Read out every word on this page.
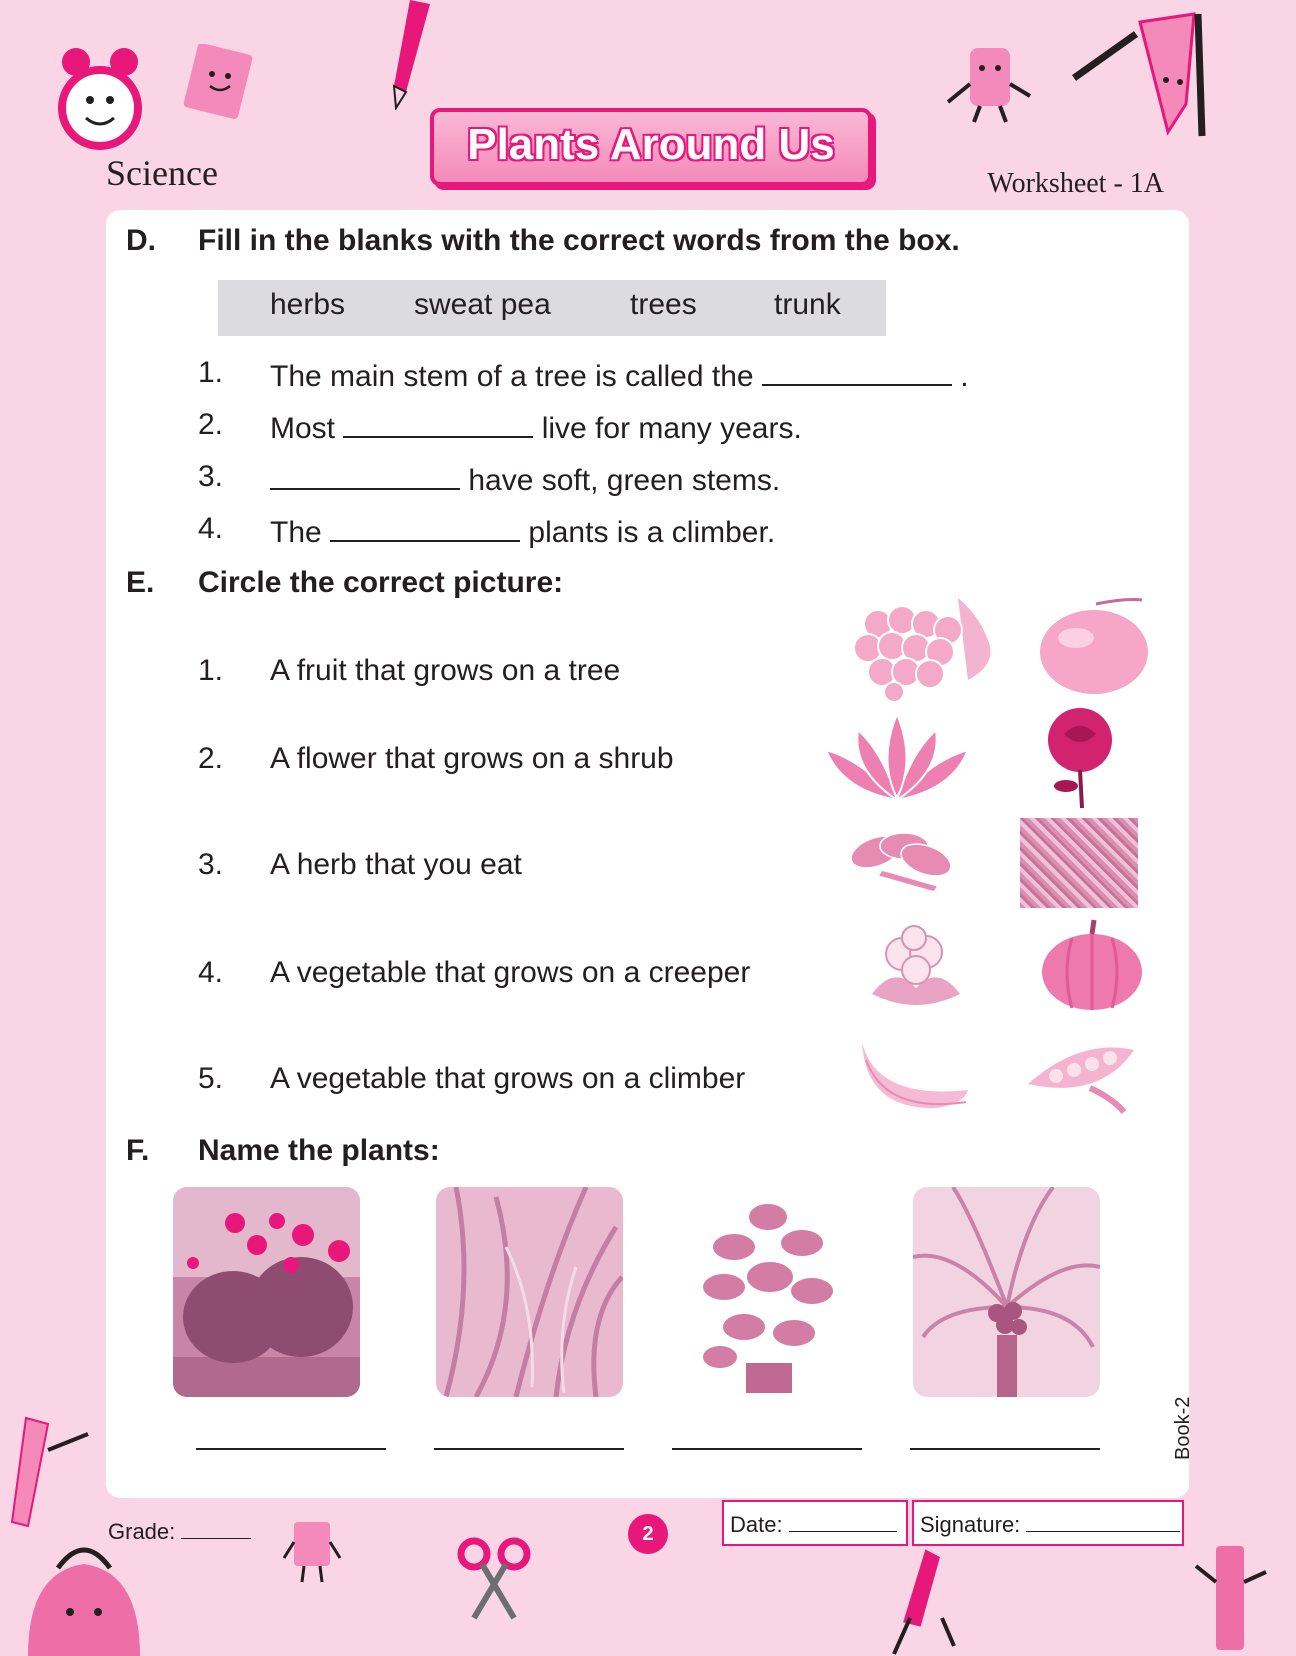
Science
Plants Around Us
Worksheet - 1A
D. Fill in the blanks with the correct words from the box.
herbs sweat pea	trees	trunk
1. The main stem of a tree is called the	.
2. Most	live for many years.
3.	have soft, green stems.
4. The	plants is a climber.
E. Circle the correct picture:
1. A fruit that grows on a tree
2. A flower that grows on a shrub
3. A herb that you eat
4. A vegetable that grows on a creeper
5. A vegetable that grows on a climber
F. Name the plants:
Book-2
Grade:	2	Date:	Signature:
